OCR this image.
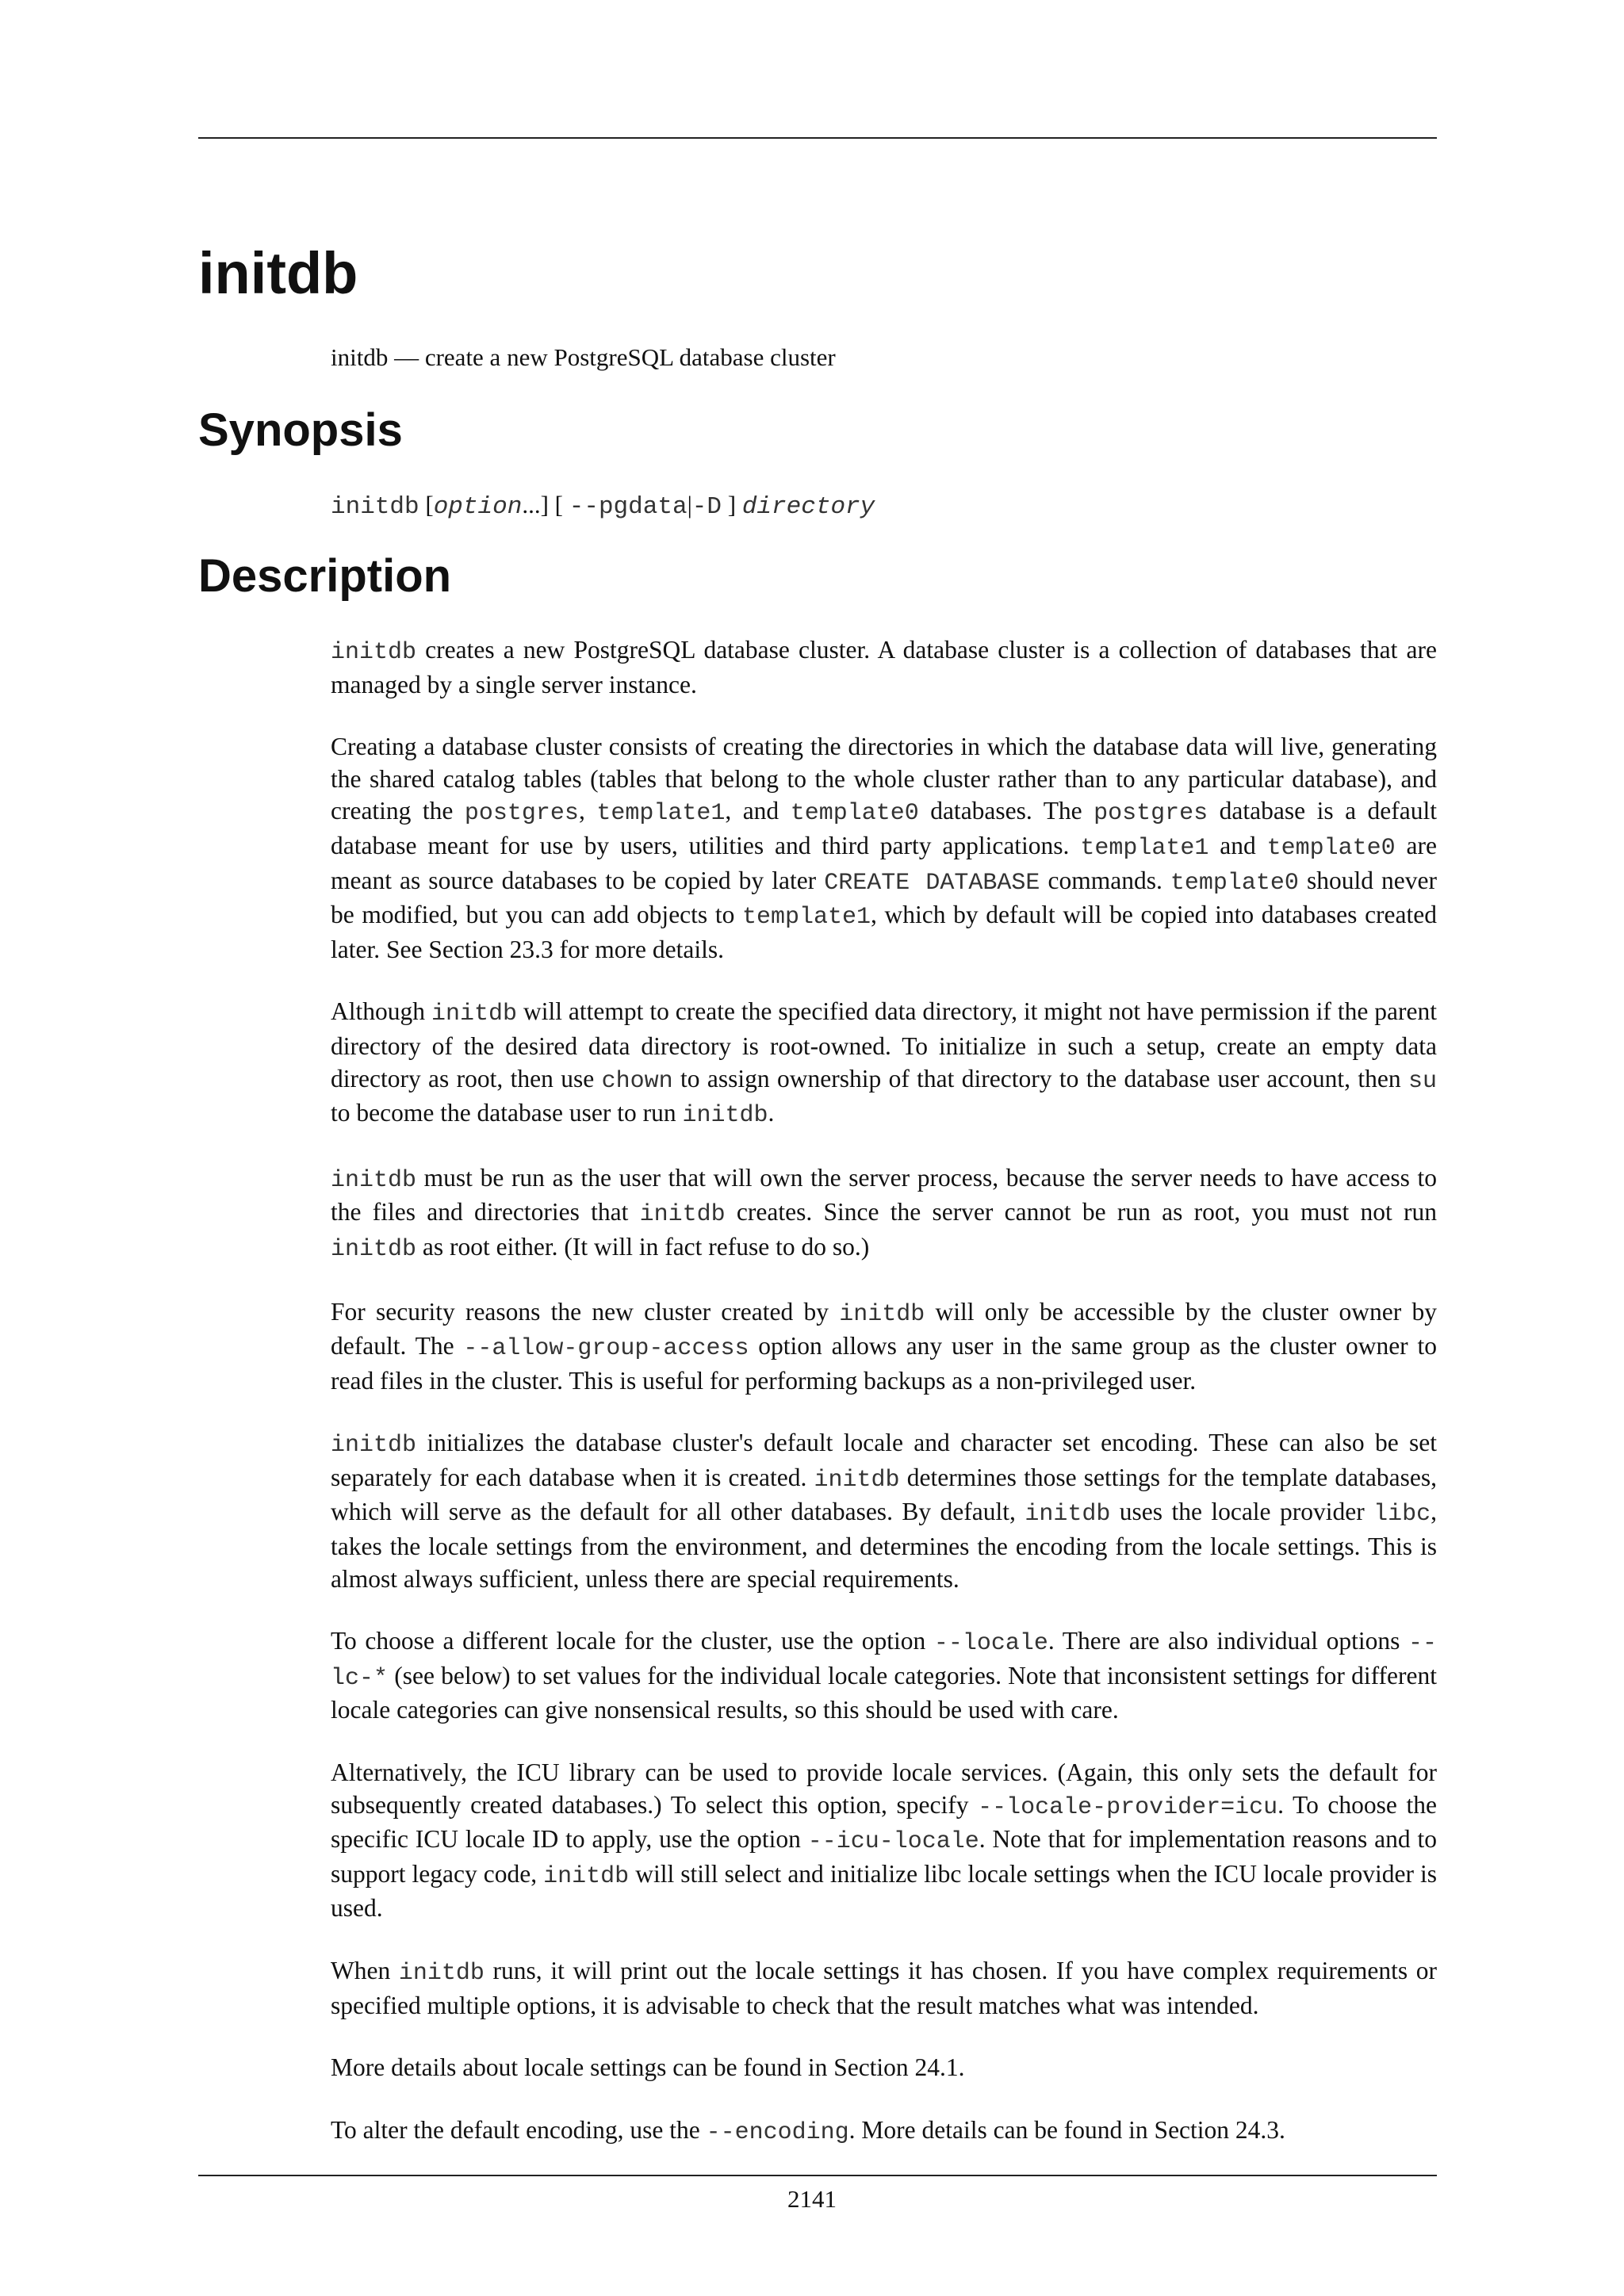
initdb

initdb — create a new PostgreSQL database cluster

Synopsis
initdb [option...] [ --pgdata|-D ] directory
Description

initdb creates a new PostgreSQL database cluster. A database cluster is a collection of databases that are managed by a single server instance.

Creating a database cluster consists of creating the directories in which the database data will live, generating the shared catalog tables (tables that belong to the whole cluster rather than to any particular database), and creating the postgres, template1, and template0 databases. The postgres database is a default database meant for use by users, utilities and third party applications. template1 and template0 are meant as source databases to be copied by later CREATE DATABASE commands. template0 should never be modified, but you can add objects to template1, which by default will be copied into databases created later. See Section 23.3 for more details.

Although initdb will attempt to create the specified data directory, it might not have permission if the parent directory of the desired data directory is root-owned. To initialize in such a setup, create an empty data directory as root, then use chown to assign ownership of that directory to the database user account, then su to become the database user to run initdb.

initdb must be run as the user that will own the server process, because the server needs to have access to the files and directories that initdb creates. Since the server cannot be run as root, you must not run initdb as root either. (It will in fact refuse to do so.)

For security reasons the new cluster created by initdb will only be accessible by the cluster owner by default. The --allow-group-access option allows any user in the same group as the cluster owner to read files in the cluster. This is useful for performing backups as a non-privileged user.

initdb initializes the database cluster's default locale and character set encoding. These can also be set separately for each database when it is created. initdb determines those settings for the template databases, which will serve as the default for all other databases. By default, initdb uses the locale provider libc, takes the locale settings from the environment, and determines the encoding from the locale settings. This is almost always sufficient, unless there are special requirements.

To choose a different locale for the cluster, use the option --locale. There are also individual options --lc-* (see below) to set values for the individual locale categories. Note that inconsistent settings for different locale categories can give nonsensical results, so this should be used with care.

Alternatively, the ICU library can be used to provide locale services. (Again, this only sets the default for subsequently created databases.) To select this option, specify --locale-provider=icu. To choose the specific ICU locale ID to apply, use the option --icu-locale. Note that for implementation reasons and to support legacy code, initdb will still select and initialize libc locale settings when the ICU locale provider is used.

When initdb runs, it will print out the locale settings it has chosen. If you have complex requirements or specified multiple options, it is advisable to check that the result matches what was intended.

More details about locale settings can be found in Section 24.1.

To alter the default encoding, use the --encoding. More details can be found in Section 24.3.

2141
